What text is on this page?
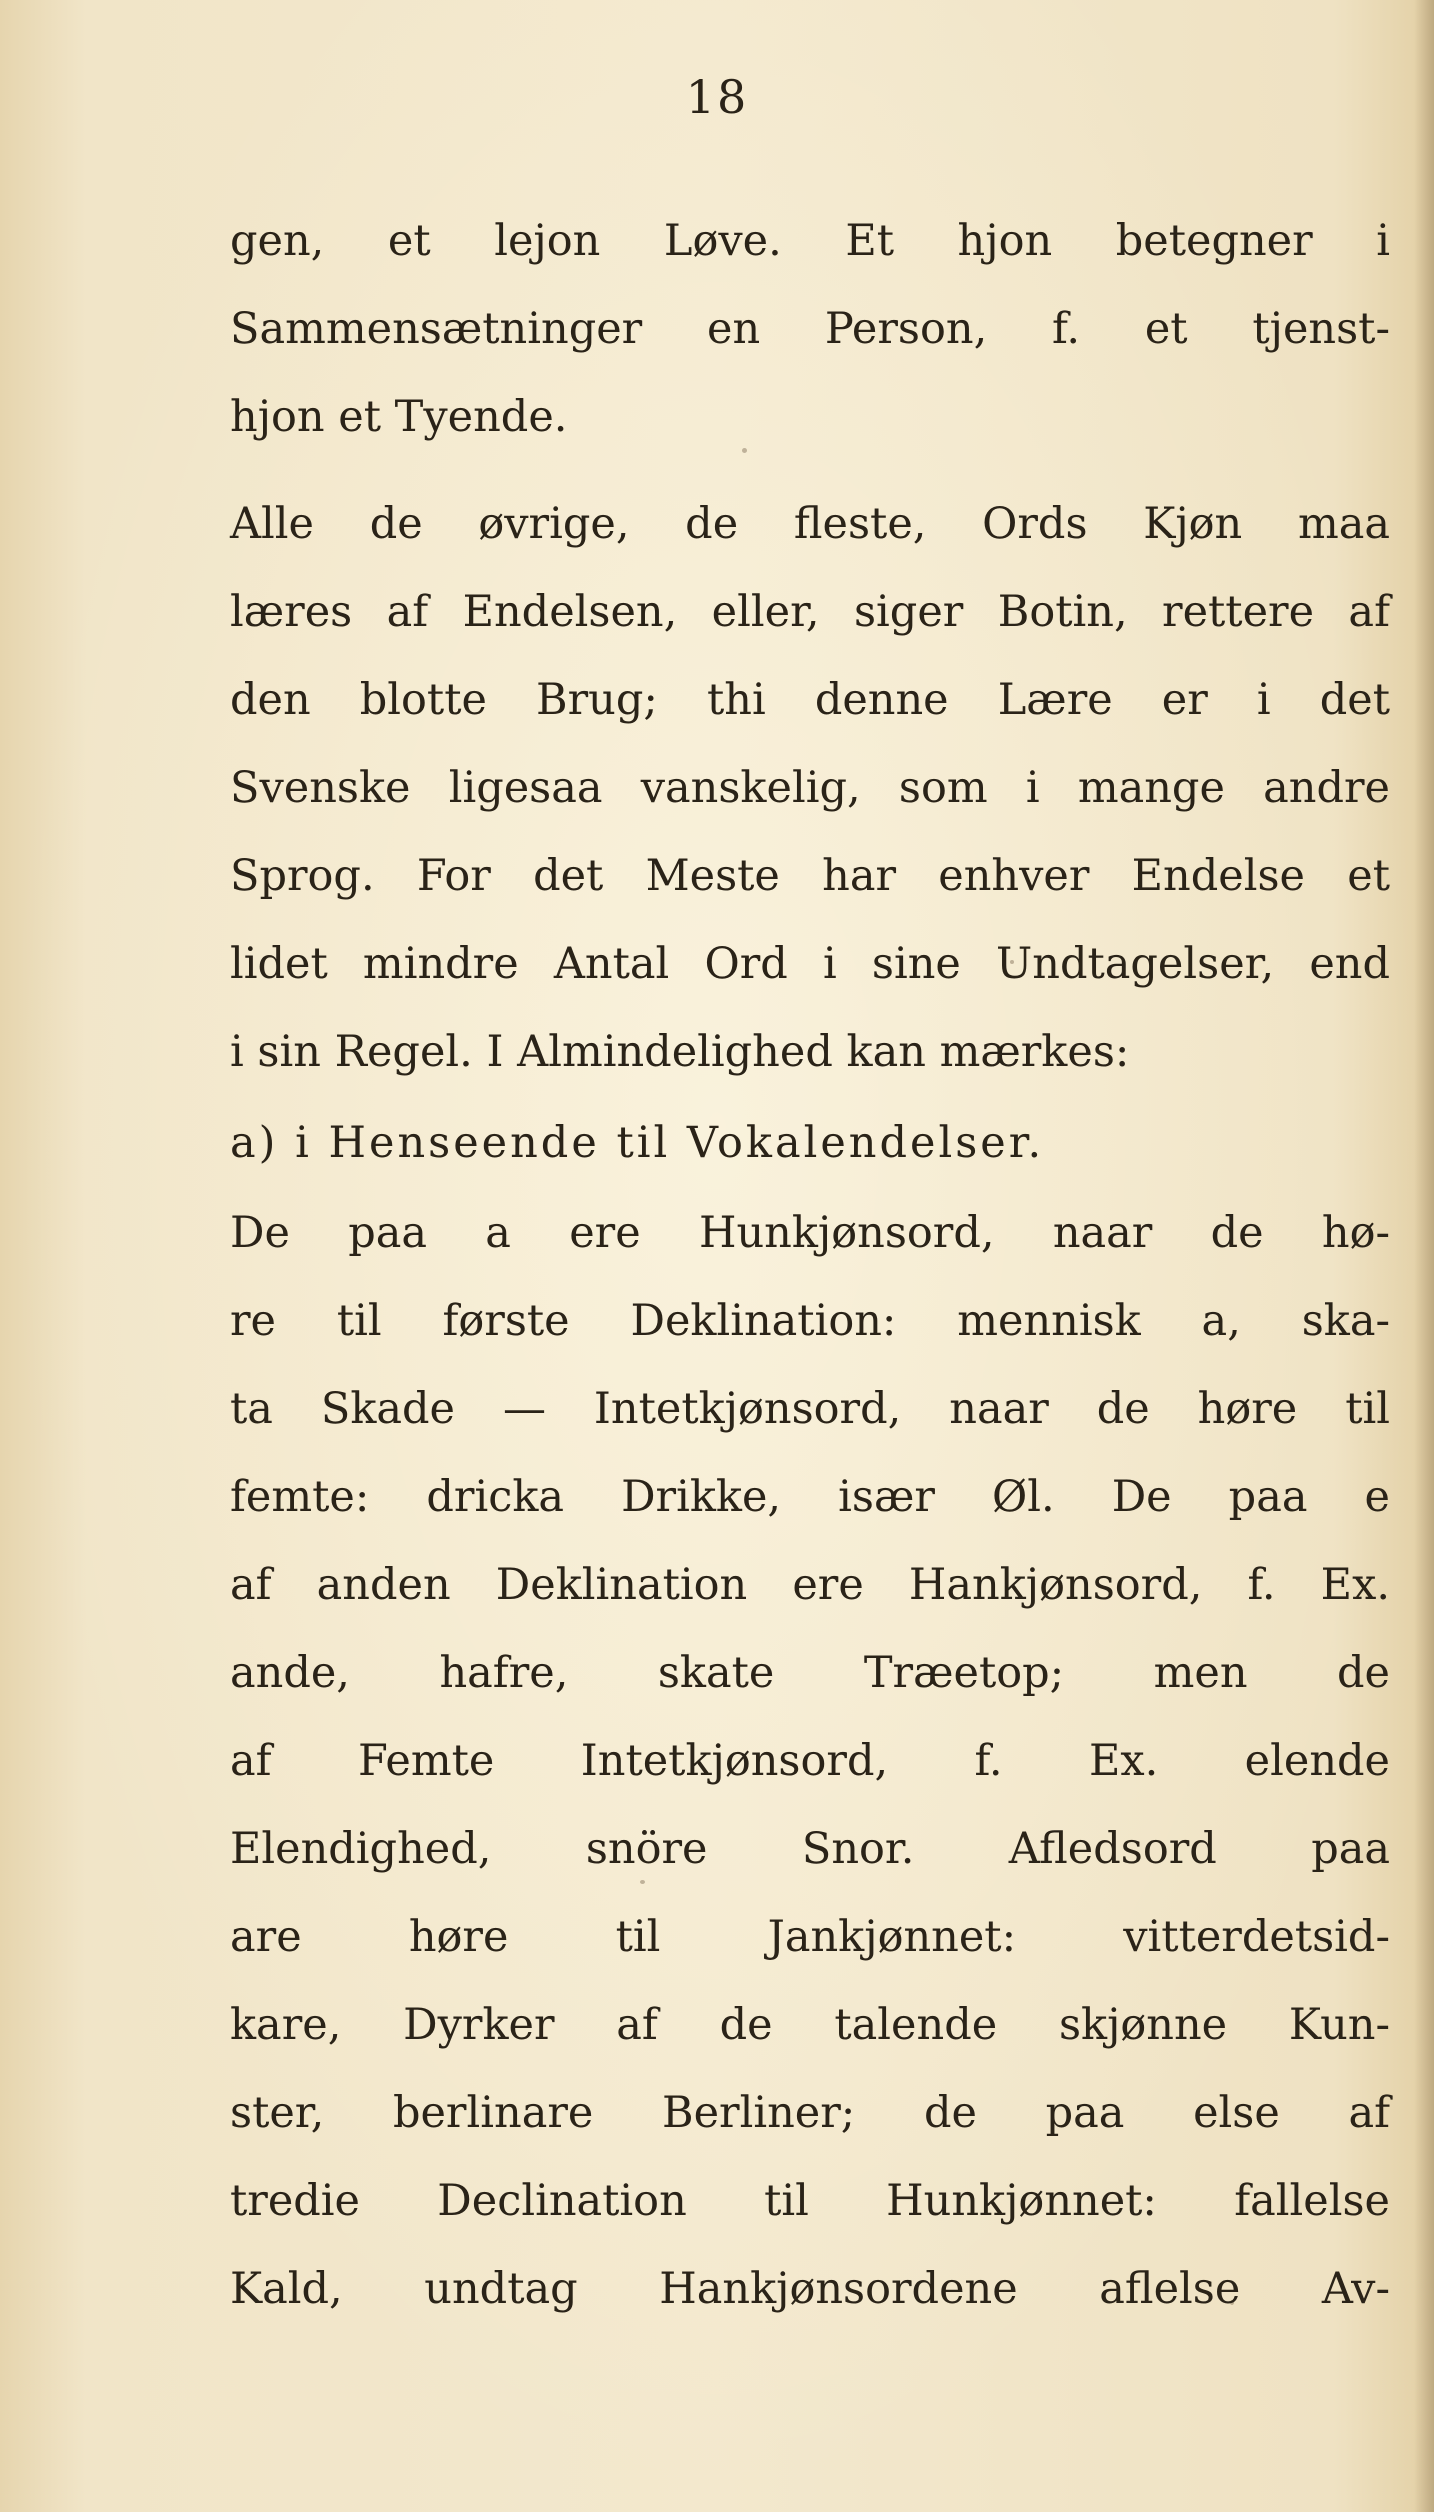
18
gen, et lejon Løve. Et hjon betegner i
Sammensætninger en Person, f. et tjenst-
hjon et Tyende.
Alle de øvrige, de fleste, Ords Kjøn maa
læres af Endelsen, eller, siger Botin, rettere af
den blotte Brug; thi denne Lære er i det
Svenske ligesaa vanskelig, som i mange andre
Sprog. For det Meste har enhver Endelse et
lidet mindre Antal Ord i sine Undtagelser, end
i sin Regel. I Almindelighed kan mærkes:
a) i Henseende til Vokalendelser.
De paa a ere Hunkjønsord, naar de hø-
re til første Deklination: mennisk a, ska-
ta Skade — Intetkjønsord, naar de høre til
femte: dricka Drikke, især Øl. De paa e
af anden Deklination ere Hankjønsord, f. Ex.
ande, hafre, skate Træetop; men de
af Femte Intetkjønsord, f. Ex. elende
Elendighed, snöre Snor. Afledsord paa
are høre til Jankjønnet: vitterdetsid-
kare, Dyrker af de talende skjønne Kun-
ster, berlinare Berliner; de paa else af
tredie Declination til Hunkjønnet: fallelse
Kald, undtag Hankjønsordene aflelse Av-
